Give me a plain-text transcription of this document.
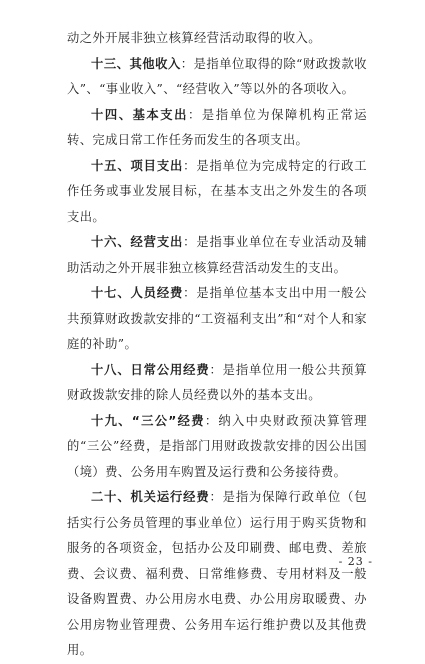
动之外开展非独立核算经营活动取得的收入。

十三、其他收入：是指单位取得的除“财政拨款收入”、“事业收入”、“经营收入”等以外的各项收入。

十四、基本支出：是指单位为保障机构正常运转、完成日常工作任务而发生的各项支出。

十五、项目支出：是指单位为完成特定的行政工作任务或事业发展目标，在基本支出之外发生的各项支出。

十六、经营支出：是指事业单位在专业活动及辅助活动之外开展非独立核算经营活动发生的支出。

十七、人员经费：是指单位基本支出中用一般公共预算财政拨款安排的“工资福利支出”和“对个人和家庭的补助”。

十八、日常公用经费：是指单位用一般公共预算财政拨款安排的除人员经费以外的基本支出。

十九、“三公”经费：纳入中央财政预决算管理的“三公”经费，是指部门用财政拨款安排的因公出国（境）费、公务用车购置及运行费和公务接待费。

二十、机关运行经费：是指为保障行政单位（包括实行公务员管理的事业单位）运行用于购买货物和服务的各项资金，包括办公及印刷费、邮电费、差旅费、会议费、福利费、日常维修费、专用材料及一般设备购置费、办公用房水电费、办公用房取暖费、办公用房物业管理费、公务用车运行维护费以及其他费用。

- 23 -
